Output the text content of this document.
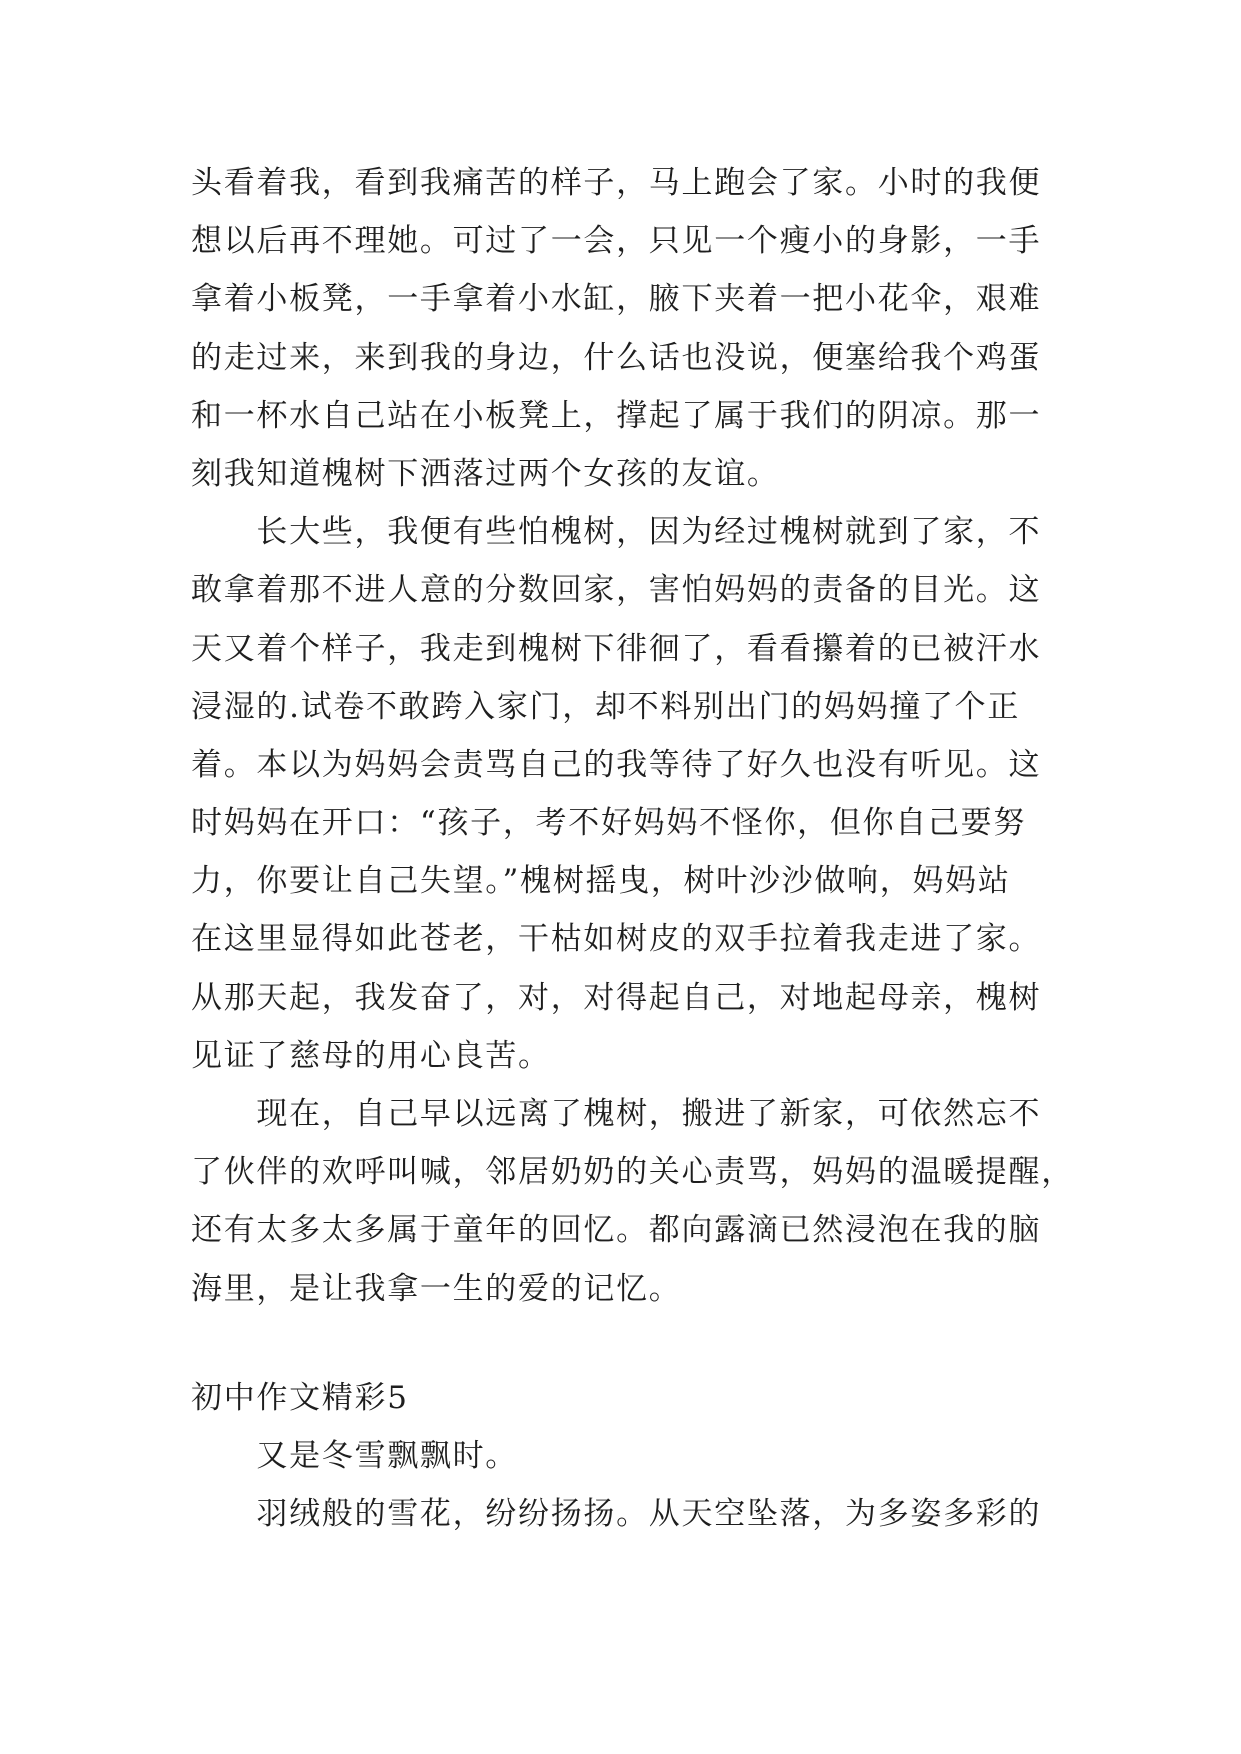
头看着我，看到我痛苦的样子，马上跑会了家。小时的我便
想以后再不理她。可过了一会，只见一个瘦小的身影，一手
拿着小板凳，一手拿着小水缸，腋下夹着一把小花伞，艰难
的走过来，来到我的身边，什么话也没说，便塞给我个鸡蛋
和一杯水自己站在小板凳上，撑起了属于我们的阴凉。那一
刻我知道槐树下洒落过两个女孩的友谊。
长大些，我便有些怕槐树，因为经过槐树就到了家，不
敢拿着那不进人意的分数回家，害怕妈妈的责备的目光。这
天又着个样子，我走到槐树下徘徊了，看看攥着的已被汗水
浸湿的.试卷不敢跨入家门，却不料别出门的妈妈撞了个正
着。本以为妈妈会责骂自己的我等待了好久也没有听见。这
时妈妈在开口：“孩子，考不好妈妈不怪你，但你自己要努
力，你要让自己失望。”槐树摇曳，树叶沙沙做响，妈妈站
在这里显得如此苍老，干枯如树皮的双手拉着我走进了家。
从那天起，我发奋了，对，对得起自己，对地起母亲，槐树
见证了慈母的用心良苦。
现在，自己早以远离了槐树，搬进了新家，可依然忘不
了伙伴的欢呼叫喊，邻居奶奶的关心责骂，妈妈的温暖提醒，
还有太多太多属于童年的回忆。都向露滴已然浸泡在我的脑
海里，是让我拿一生的爱的记忆。
初中作文精彩5
又是冬雪飘飘时。
羽绒般的雪花，纷纷扬扬。从天空坠落，为多姿多彩的
